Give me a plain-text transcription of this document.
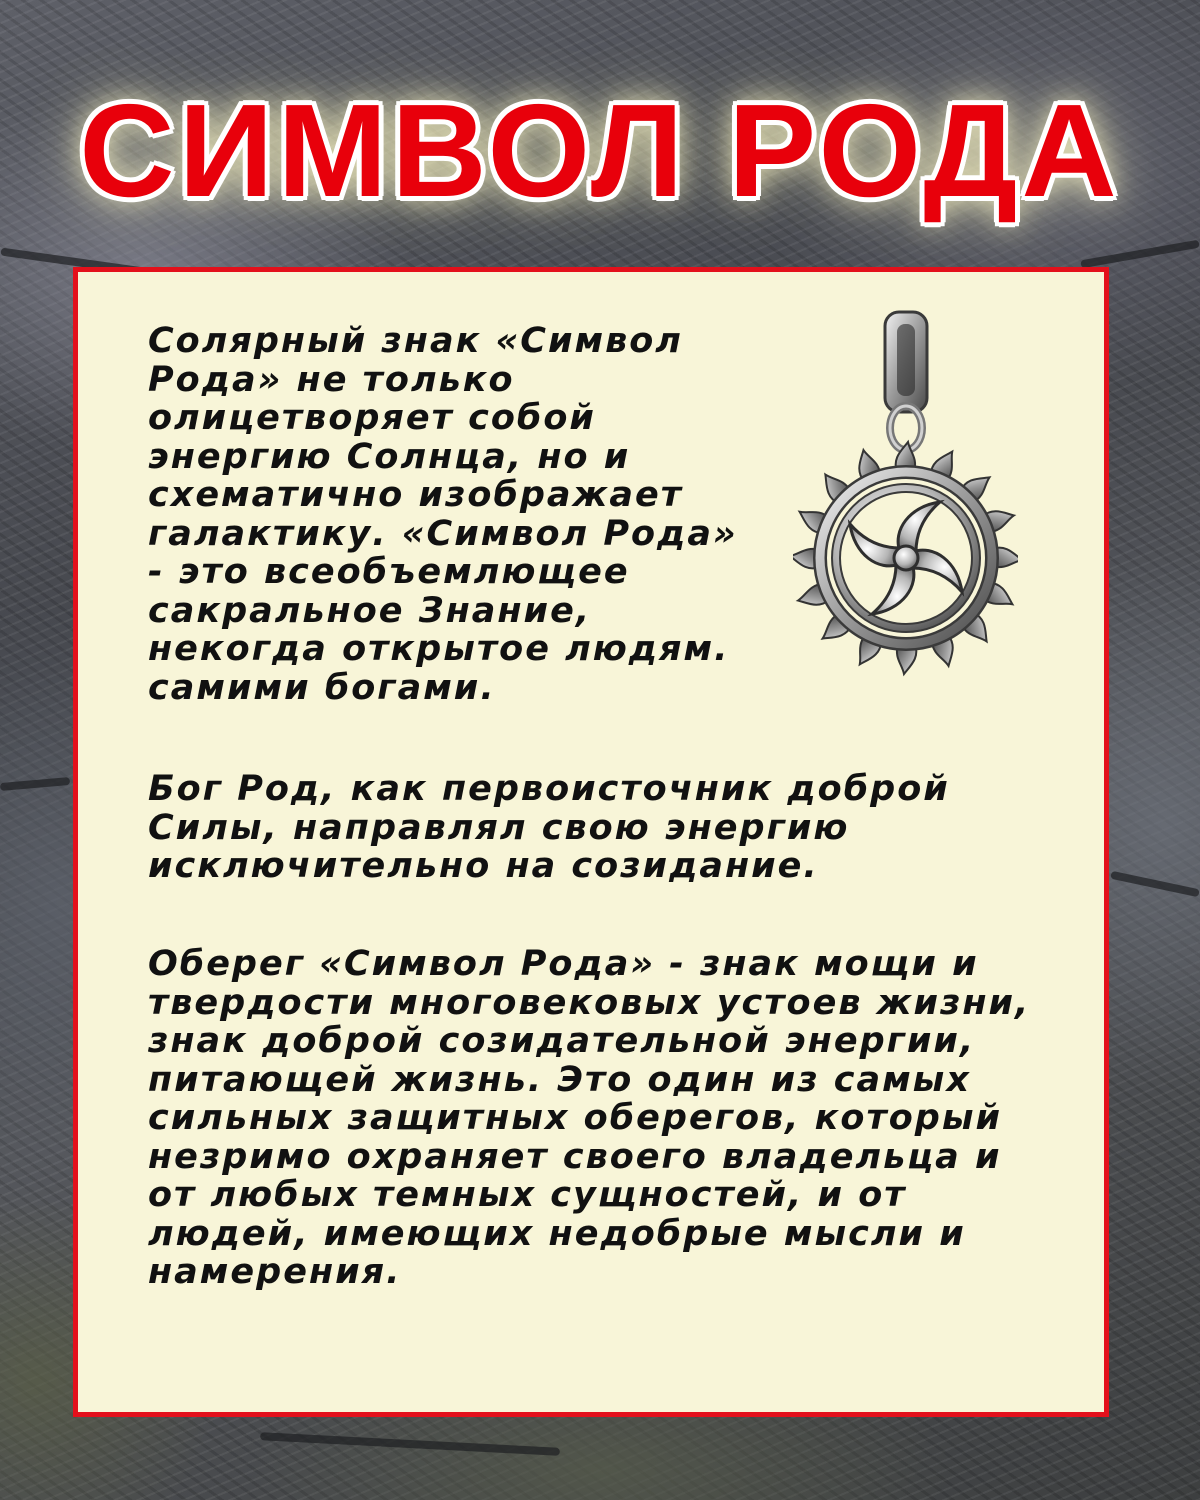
СИМВОЛ РОДА

Солярный знак «Символ
Рода» не только
олицетворяет собой
энергию Солнца, но и
схематично изображает
галактику. «Символ Рода»
- это всеобъемлющее
сакральное Знание,
некогда открытое людям.
самими богами.

Бог Род, как первоисточник доброй
Силы, направлял свою энергию
исключительно на созидание.

Оберег «Символ Рода» - знак мощи и
твердости многовековых устоев жизни,
знак доброй созидательной энергии,
питающей жизнь. Это один из самых
сильных защитных оберегов, который
незримо охраняет своего владельца и
от любых темных сущностей, и от
людей, имеющих недобрые мысли и
намерения.
